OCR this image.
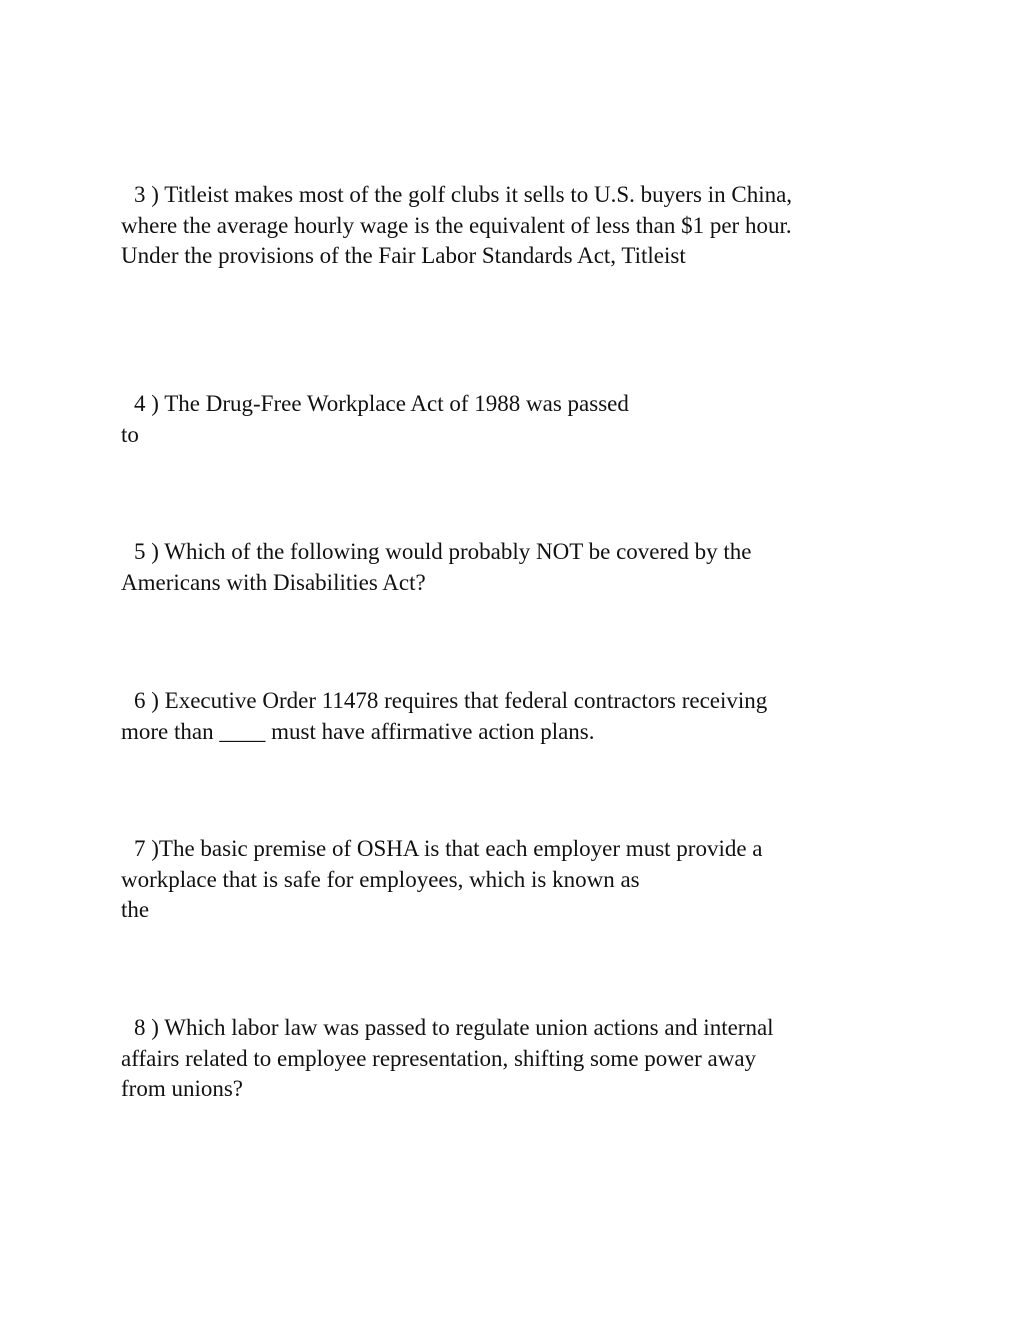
3 ) Titleist makes most of the golf clubs it sells to U.S. buyers in China,
where the average hourly wage is the equivalent of less than $1 per hour.
Under the provisions of the Fair Labor Standards Act, Titleist

4 ) The Drug-Free Workplace Act of 1988 was passed
to

5 ) Which of the following would probably NOT be covered by the
Americans with Disabilities Act?

6 ) Executive Order 11478 requires that federal contractors receiving
more than ____ must have affirmative action plans.

7 )The basic premise of OSHA is that each employer must provide a
workplace that is safe for employees, which is known as
the

8 ) Which labor law was passed to regulate union actions and internal
affairs related to employee representation, shifting some power away
from unions?
